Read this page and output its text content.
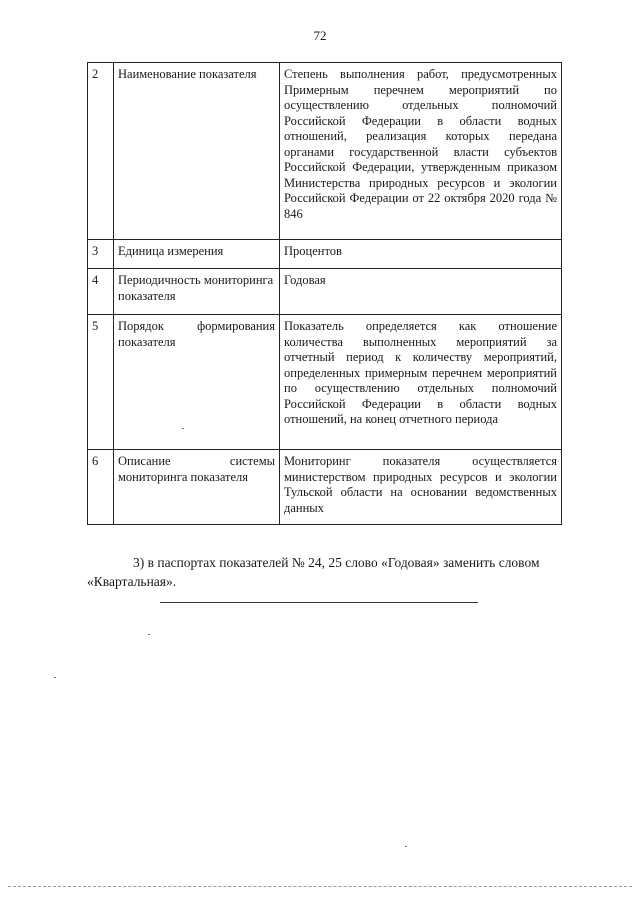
72
2	Наименование показателя	Степень выполнения работ, предусмотренных Примерным перечнем мероприятий по осуществлению отдельных полномочий Российской Федерации в области водных отношений, реализация которых передана органами государственной власти субъектов Российской Федерации, утвержденным приказом Министерства природных ресурсов и экологии Российской Федерации от 22 октября 2020 года № 846
3	Единица измерения	Процентов
4	Периодичность мониторинга показателя	Годовая
5	Порядок формирования показателя	Показатель определяется как отношение количества выполненных мероприятий за отчетный период к количеству мероприятий, определенных примерным перечнем мероприятий по осуществлению отдельных полномочий Российской Федерации в области водных отношений, на конец отчетного периода
6	Описание системы мониторинга показателя	Мониторинг показателя осуществляется министерством природных ресурсов и экологии Тульской области на основании ведомственных данных

3) в паспортах показателей № 24, 25 слово «Годовая» заменить словом «Квартальная».
